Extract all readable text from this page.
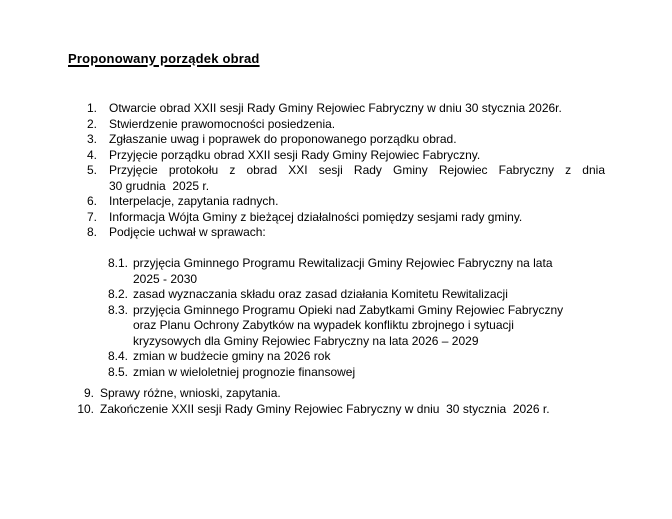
Proponowany porządek obrad
1. Otwarcie obrad XXII sesji Rady Gminy Rejowiec Fabryczny w dniu 30 stycznia 2026r.
2. Stwierdzenie prawomocności posiedzenia.
3. Zgłaszanie uwag i poprawek do proponowanego porządku obrad.
4. Przyjęcie porządku obrad XXII sesji Rady Gminy Rejowiec Fabryczny.
5. Przyjęcie protokołu z obrad XXI sesji Rady Gminy Rejowiec Fabryczny z dnia
30 grudnia  2025 r.
6. Interpelacje, zapytania radnych.
7. Informacja Wójta Gminy z bieżącej działalności pomiędzy sesjami rady gminy.
8. Podjęcie uchwał w sprawach:
8.1. przyjęcia Gminnego Programu Rewitalizacji Gminy Rejowiec Fabryczny na lata
2025 - 2030
8.2. zasad wyznaczania składu oraz zasad działania Komitetu Rewitalizacji
8.3. przyjęcia Gminnego Programu Opieki nad Zabytkami Gminy Rejowiec Fabryczny
oraz Planu Ochrony Zabytków na wypadek konfliktu zbrojnego i sytuacji
kryzysowych dla Gminy Rejowiec Fabryczny na lata 2026 – 2029
8.4. zmian w budżecie gminy na 2026 rok
8.5. zmian w wieloletniej prognozie finansowej
9. Sprawy różne, wnioski, zapytania.
10. Zakończenie XXII sesji Rady Gminy Rejowiec Fabryczny w dniu  30 stycznia  2026 r.
